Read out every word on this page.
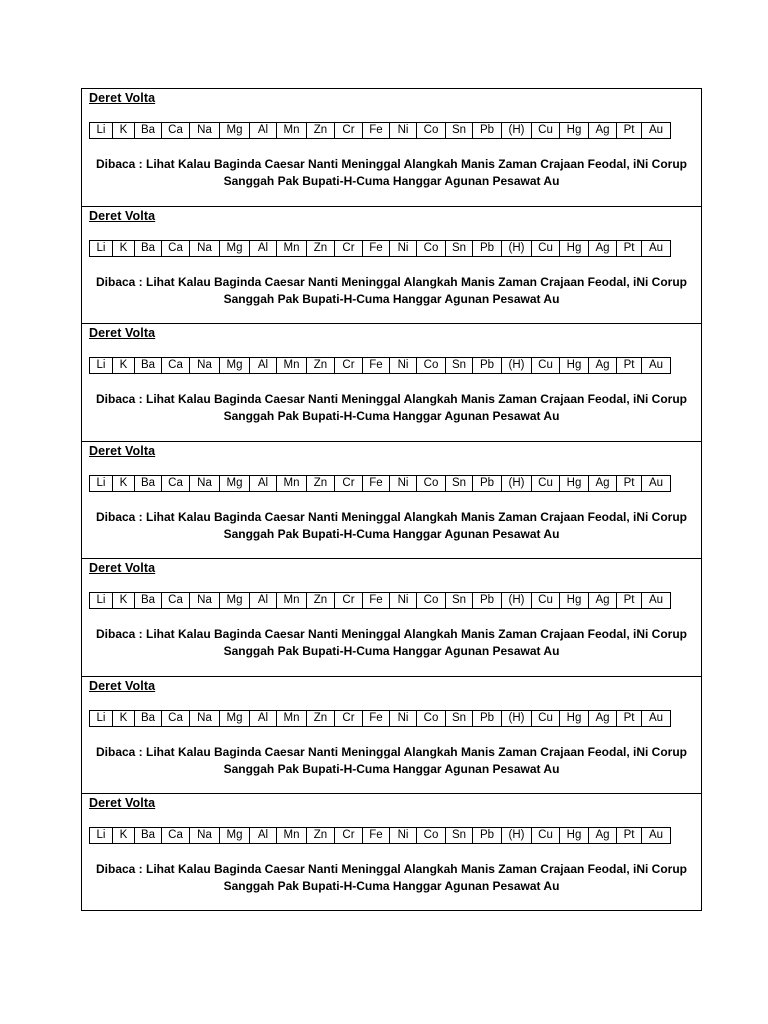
Deret Volta
Li	K	Ba	Ca	Na	Mg	Al	Mn	Zn	Cr	Fe	Ni	Co	Sn	Pb	(H)	Cu	Hg	Ag	Pt	Au
Dibaca : Lihat Kalau Baginda Caesar Nanti Meninggal Alangkah Manis Zaman Crajaan Feodal, iNi Corup
Sanggah Pak Bupati-H-Cuma Hanggar Agunan Pesawat Au
Deret Volta
Li	K	Ba	Ca	Na	Mg	Al	Mn	Zn	Cr	Fe	Ni	Co	Sn	Pb	(H)	Cu	Hg	Ag	Pt	Au
Dibaca : Lihat Kalau Baginda Caesar Nanti Meninggal Alangkah Manis Zaman Crajaan Feodal, iNi Corup
Sanggah Pak Bupati-H-Cuma Hanggar Agunan Pesawat Au
Deret Volta
Li	K	Ba	Ca	Na	Mg	Al	Mn	Zn	Cr	Fe	Ni	Co	Sn	Pb	(H)	Cu	Hg	Ag	Pt	Au
Dibaca : Lihat Kalau Baginda Caesar Nanti Meninggal Alangkah Manis Zaman Crajaan Feodal, iNi Corup
Sanggah Pak Bupati-H-Cuma Hanggar Agunan Pesawat Au
Deret Volta
Li	K	Ba	Ca	Na	Mg	Al	Mn	Zn	Cr	Fe	Ni	Co	Sn	Pb	(H)	Cu	Hg	Ag	Pt	Au
Dibaca : Lihat Kalau Baginda Caesar Nanti Meninggal Alangkah Manis Zaman Crajaan Feodal, iNi Corup
Sanggah Pak Bupati-H-Cuma Hanggar Agunan Pesawat Au
Deret Volta
Li	K	Ba	Ca	Na	Mg	Al	Mn	Zn	Cr	Fe	Ni	Co	Sn	Pb	(H)	Cu	Hg	Ag	Pt	Au
Dibaca : Lihat Kalau Baginda Caesar Nanti Meninggal Alangkah Manis Zaman Crajaan Feodal, iNi Corup
Sanggah Pak Bupati-H-Cuma Hanggar Agunan Pesawat Au
Deret Volta
Li	K	Ba	Ca	Na	Mg	Al	Mn	Zn	Cr	Fe	Ni	Co	Sn	Pb	(H)	Cu	Hg	Ag	Pt	Au
Dibaca : Lihat Kalau Baginda Caesar Nanti Meninggal Alangkah Manis Zaman Crajaan Feodal, iNi Corup
Sanggah Pak Bupati-H-Cuma Hanggar Agunan Pesawat Au
Deret Volta
Li	K	Ba	Ca	Na	Mg	Al	Mn	Zn	Cr	Fe	Ni	Co	Sn	Pb	(H)	Cu	Hg	Ag	Pt	Au
Dibaca : Lihat Kalau Baginda Caesar Nanti Meninggal Alangkah Manis Zaman Crajaan Feodal, iNi Corup
Sanggah Pak Bupati-H-Cuma Hanggar Agunan Pesawat Au
